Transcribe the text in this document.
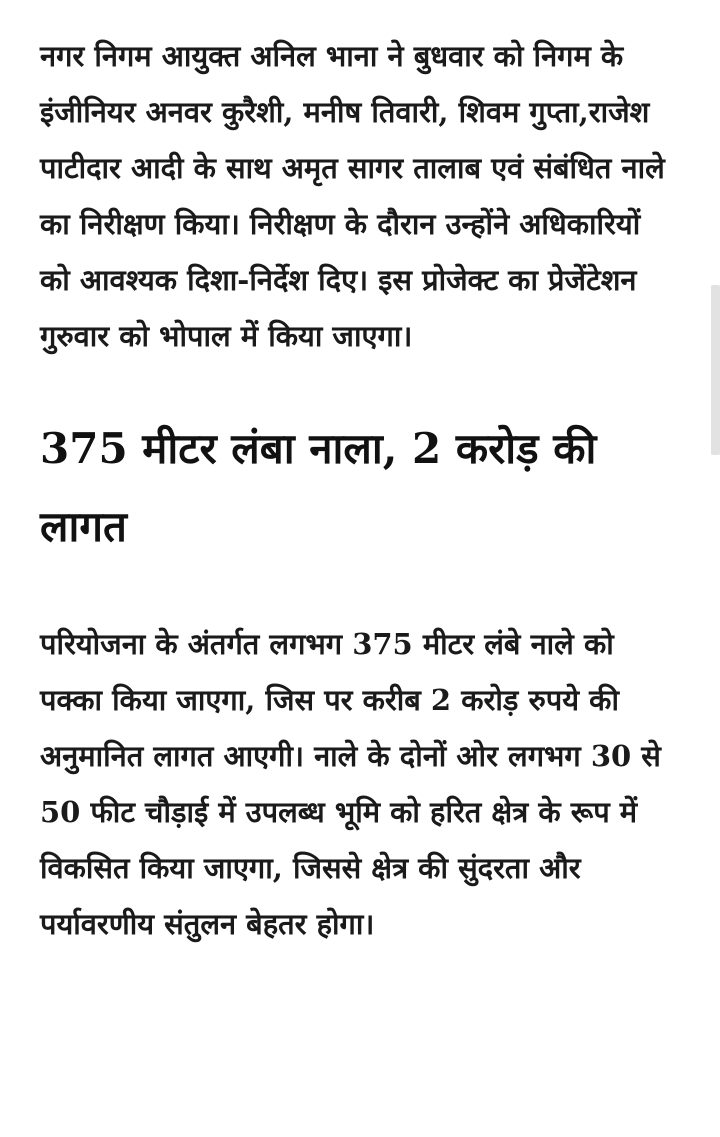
नगर निगम आयुक्त अनिल भाना ने बुधवार को निगम के इंजीनियर अनवर कुरैशी, मनीष तिवारी, शिवम गुप्ता,राजेश पाटीदार आदी के साथ अमृत सागर तालाब एवं संबंधित नाले का निरीक्षण किया। निरीक्षण के दौरान उन्होंने अधिकारियों को आवश्यक दिशा-निर्देश दिए। इस प्रोजेक्ट का प्रेजेंटेशन गुरुवार को भोपाल में किया जाएगा।

375 मीटर लंबा नाला, 2 करोड़ की लागत

परियोजना के अंतर्गत लगभग 375 मीटर लंबे नाले को पक्का किया जाएगा, जिस पर करीब 2 करोड़ रुपये की अनुमानित लागत आएगी। नाले के दोनों ओर लगभग 30 से 50 फीट चौड़ाई में उपलब्ध भूमि को हरित क्षेत्र के रूप में विकसित किया जाएगा, जिससे क्षेत्र की सुंदरता और पर्यावरणीय संतुलन बेहतर होगा।
